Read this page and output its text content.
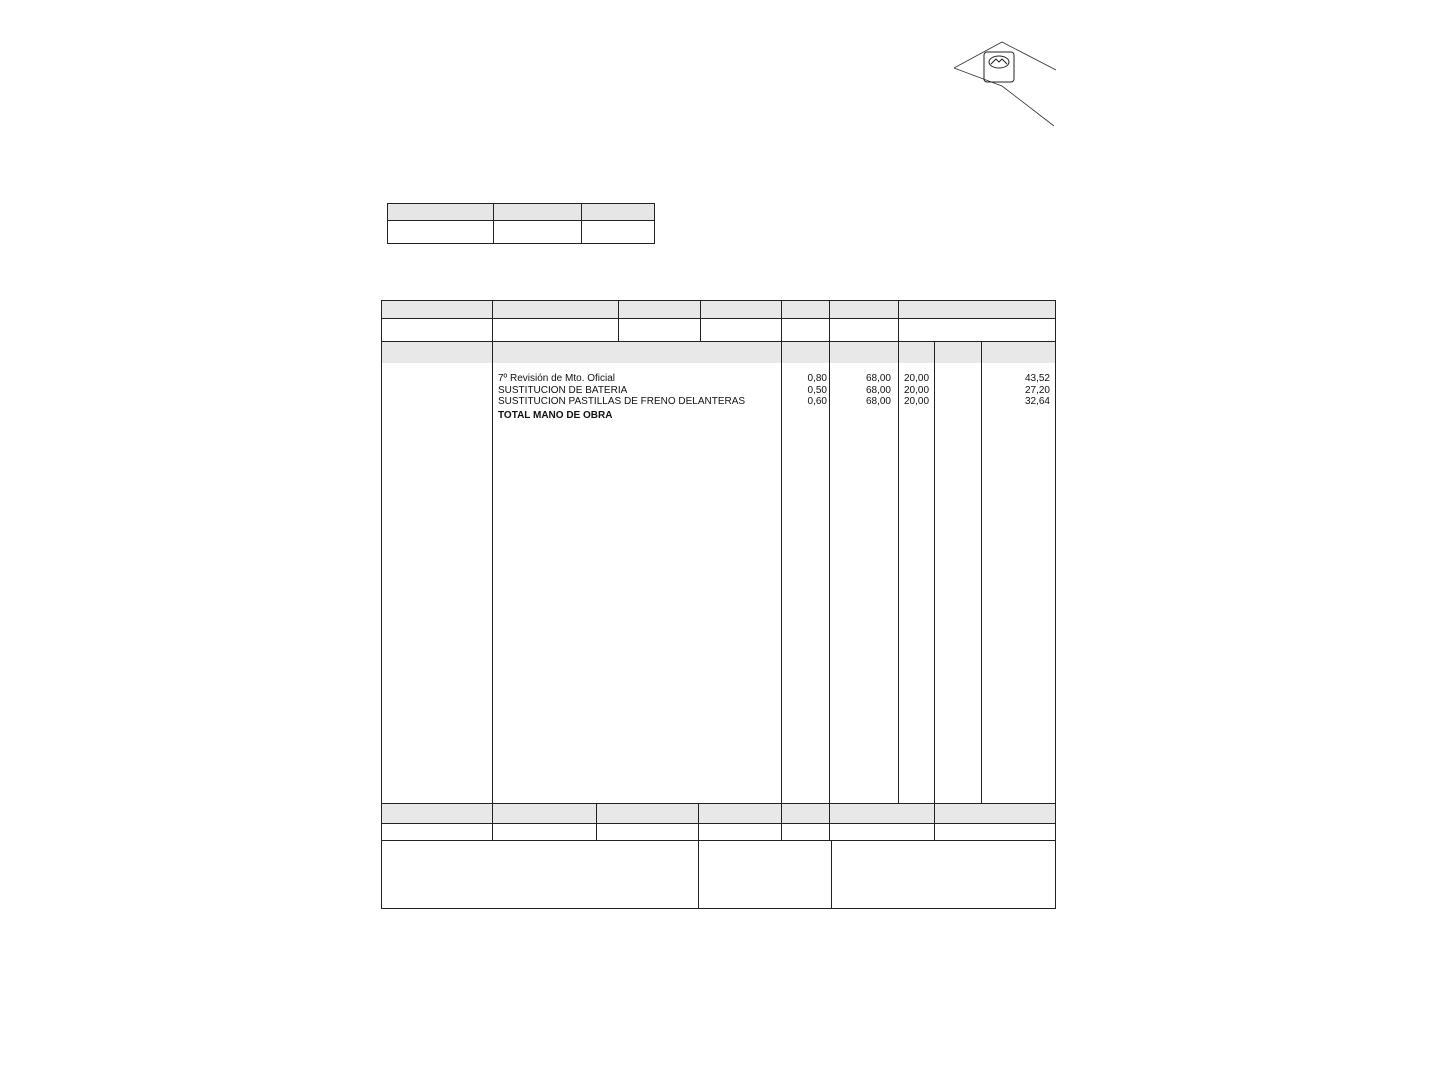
7º Revisión de Mto. Oficial	0,80	68,00 20,00	43,52
SUSTITUCION DE BATERIA	0,50	68,00 20,00	27,20
SUSTITUCION PASTILLAS DE FRENO DELANTERAS	0,60	68,00 20,00	32,64
TOTAL MANO DE OBRA
